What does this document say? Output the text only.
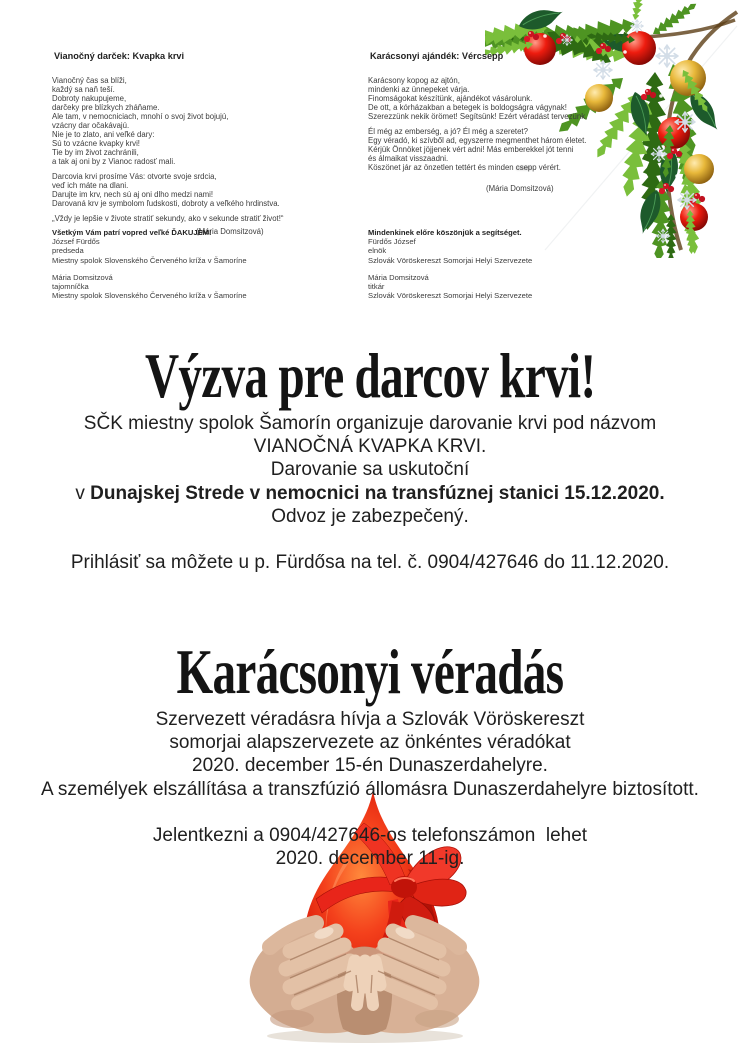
Vianočný darček: Kvapka krvi
Vianočný čas sa blíži,
každý sa naň teší.
Dobroty nakupujeme,
darčeky pre blízkych zháňame.
Ale tam, v nemocniciach, mnohí o svoj život bojujú,
vzácny dar očakávajú.
Nie je to zlato, ani veľké dary:
Sú to vzácne kvapky krvi!
Tie by im život zachránili,
a tak aj oni by z Vianoc radosť mali.
Darcovia krvi prosíme Vás: otvorte svoje srdcia,
veď ich máte na dlani.
Darujte im krv, nech sú aj oni dlho medzi nami!
Darovaná krv je symbolom ľudskosti, dobroty a veľkého hrdinstva.
„Vždy je lepšie v živote stratiť sekundy, ako v sekunde stratiť život!“
(Mária Domsitzová)
Karácsonyi ajándék: Vércsepp
Karácsony kopog az ajtón,
mindenki az ünnepeket várja.
Finomságokat készítünk, ajándékot vásárolunk.
De ott, a kórházakban a betegek is boldogságra vágynak!
Szerezzünk nekik örömet! Segítsünk! Ezért véradást tervezünk.
Él még az emberség, a jó? Él még a szeretet?
Egy véradó, ki szívből ad, egyszerre megmenthet három életet.
Kérjük Önnöket jöjjenek vért adni! Más emberekkel jót tenni
és álmaikat visszaadni.
Köszönet jár az önzetlen tettért és minden csepp vérért.
(Mária Domsitzová)
Všetkým Vám patrí vopred veľké ĎAKUJEM!
József Fürdős
predseda
Miestny spolok Slovenského Červeného kríža v Šamoríne
Mária Domsitzová
tajomníčka
Miestny spolok Slovenského Červeného kríža v Šamoríne
Mindenkinek előre köszönjük a segítséget.
Fürdős József
elnök
Szlovák Vöröskereszt Somorjai Helyi Szervezete
Mária Domsitzová
titkár
Szlovák Vöröskereszt Somorjai Helyi Szervezete
Výzva pre darcov krvi!
SČK miestny spolok Šamorín organizuje darovanie krvi pod názvom
VIANOČNÁ KVAPKA KRVI.
Darovanie sa uskutoční
v Dunajskej Strede v nemocnici na transfúznej stanici 15.12.2020.
Odvoz je zabezpečený.
Prihlásiť sa môžete u p. Fürdősa na tel. č. 0904/427646 do 11.12.2020.
Karácsonyi véradás
Szervezett véradásra hívja a Szlovák Vöröskereszt
somorjai alapszervezete az önkéntes véradókat
2020. december 15-én Dunaszerdahelyre.
A személyek elszállítása a transzfúzió állomásra Dunaszerdahelyre biztosított.
Jelentkezni a 0904/427646-os telefonszámon  lehet
2020. december 11-ig.
